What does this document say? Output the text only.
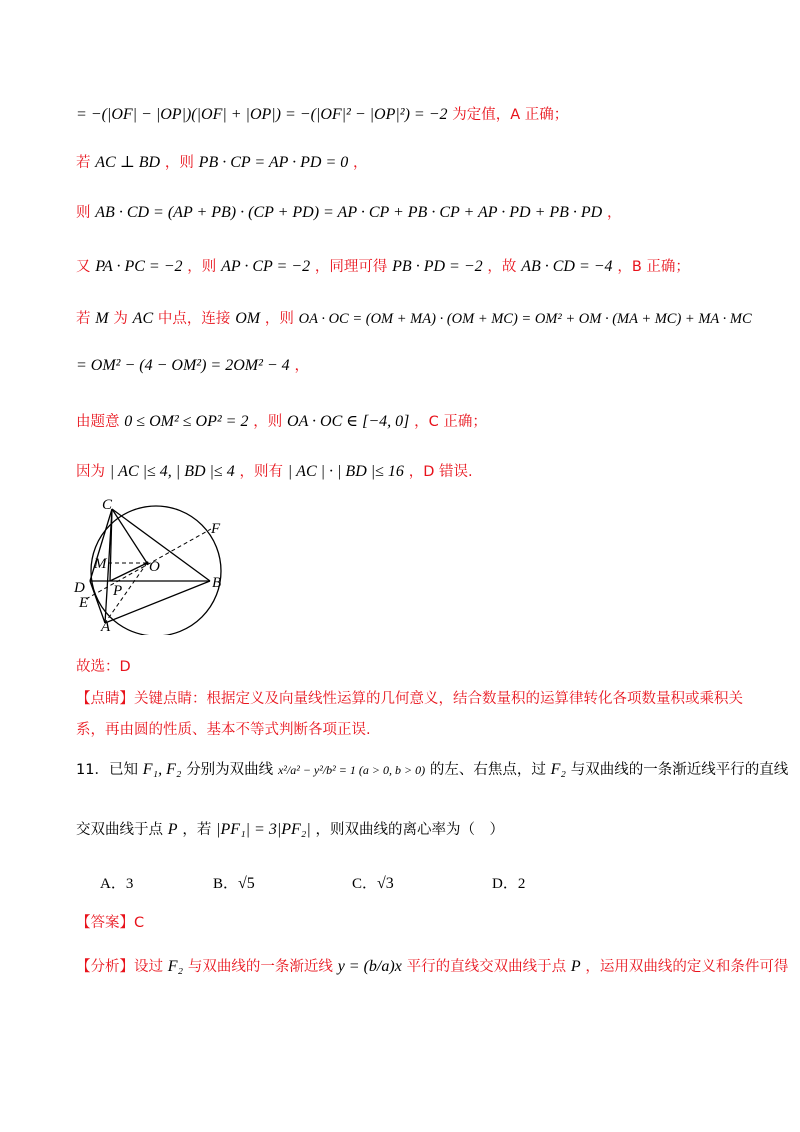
= −(|OF| − |OP|)(|OF| + |OP|) = −(|OF|² − |OP|²) = −2 为定值，A 正确；
若 AC ⊥ BD ，则 PB · CP = AP · PD = 0 ，
则 AB · CD = (AP + PB) · (CP + PD) = AP · CP + PB · CP + AP · PD + PB · PD ，
又 PA · PC = −2 ，则 AP · CP = −2 ，同理可得 PB · PD = −2 ，故 AB · CD = −4 ，B 正确；
若 M 为 AC 中点，连接 OM ，则 OA · OC = (OM + MA) · (OM + MC) = OM² + OM · (MA + MC) + MA · MC
= OM² − (4 − OM²) = 2OM² − 4 ，
由题意 0 ≤ OM² ≤ OP² = 2 ，则 OA · OC ∈ [−4, 0] ，C 正确；
因为 | AC |≤ 4, | BD |≤ 4 ，则有 | AC | · | BD |≤ 16 ，D 错误.
C
F
M	O
D	B
P
E
A
故选：D
【点睛】关键点睛：根据定义及向量线性运算的几何意义，结合数量积的运算律转化各项数量积或乘积关
系，再由圆的性质、基本不等式判断各项正误.
11．已知 F₁, F₂ 分别为双曲线 x²/a² − y²/b² = 1 (a > 0, b > 0) 的左、右焦点，过 F₂ 与双曲线的一条渐近线平行的直线
交双曲线于点 P ，若 |PF₁| = 3|PF₂| ，则双曲线的离心率为（　）
A．3	B．√5	C．√3	D．2
【答案】C
【分析】设过 F₂ 与双曲线的一条渐近线 y = (b/a)x 平行的直线交双曲线于点 P ，运用双曲线的定义和条件可得
